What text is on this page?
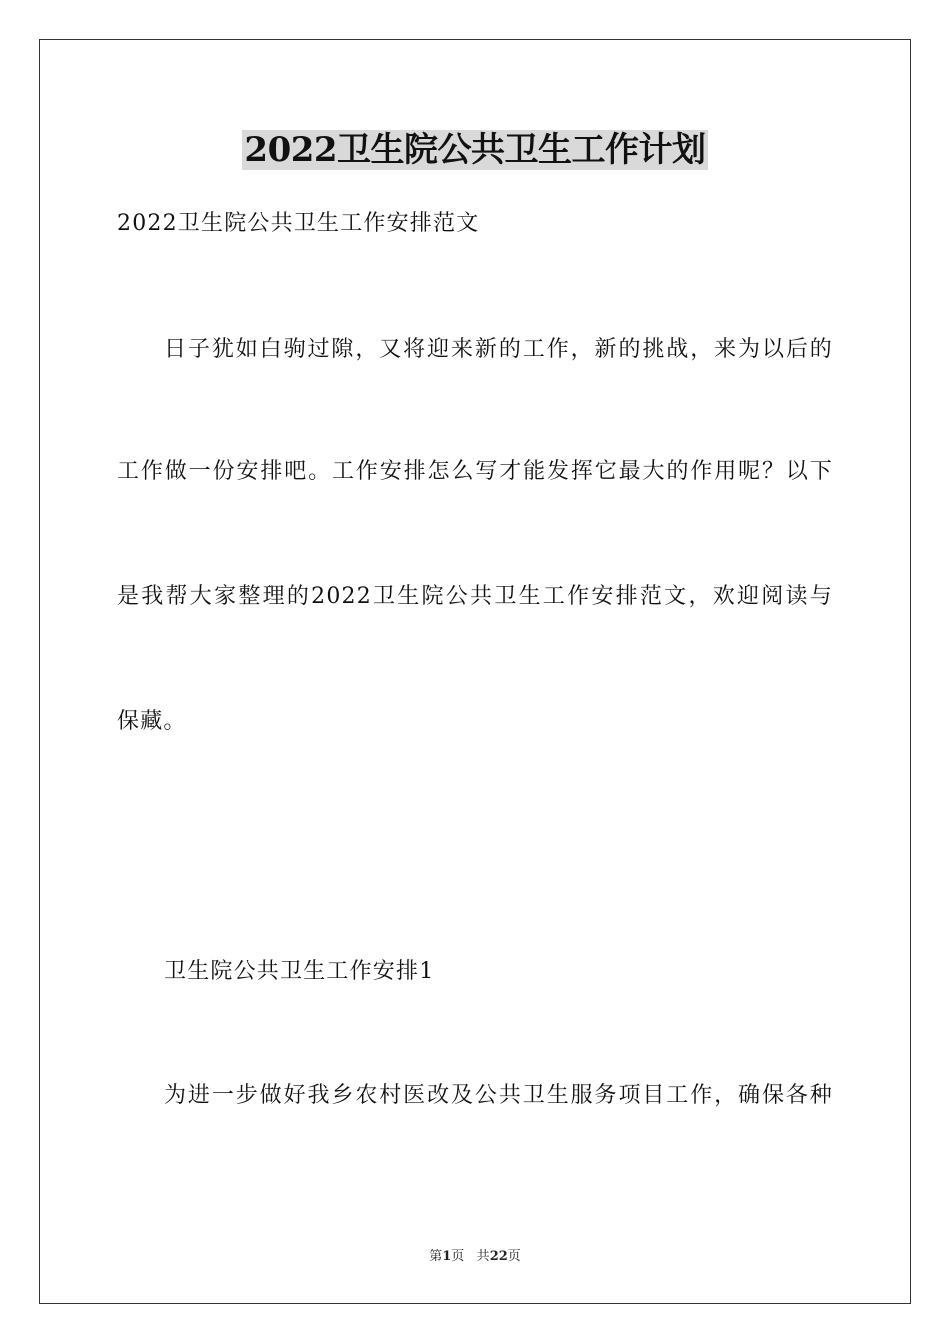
2022卫生院公共卫生工作计划
2022卫生院公共卫生工作安排范文
日子犹如白驹过隙，又将迎来新的工作，新的挑战，来为以后的
工作做一份安排吧。工作安排怎么写才能发挥它最大的作用呢？以下
是我帮大家整理的2022卫生院公共卫生工作安排范文，欢迎阅读与
保藏。
卫生院公共卫生工作安排1
为进一步做好我乡农村医改及公共卫生服务项目工作，确保各种
第1页 共22页
